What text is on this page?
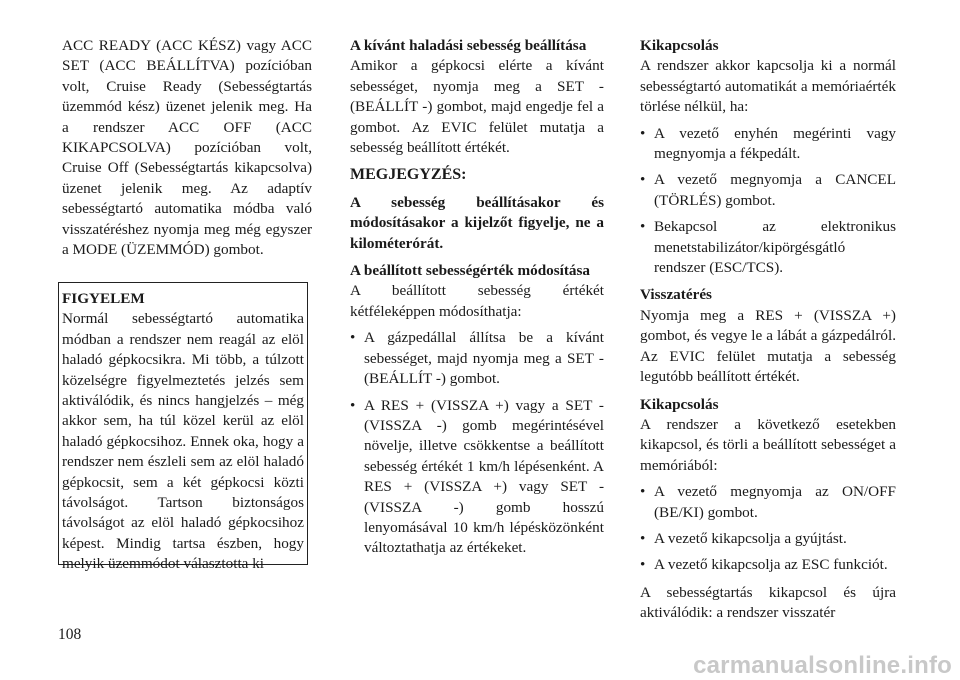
ACC READY (ACC KÉSZ) vagy ACC SET (ACC BEÁLLÍTVA) pozícióban volt, Cruise Ready (Sebességtartás üzemmód kész) üzenet jelenik meg. Ha a rendszer ACC OFF (ACC KIKAPCSOLVA) pozícióban volt, Cruise Off (Sebességtartás kikapcsolva) üzenet jelenik meg. Az adaptív sebességtartó automatika módba való visszatéréshez nyomja meg még egyszer a MODE (ÜZEMMÓD) gombot.

FIGYELEM

Normál sebességtartó automatika módban a rendszer nem reagál az elöl haladó gépkocsikra. Mi több, a túlzott közelségre figyelmeztetés jelzés sem aktiválódik, és nincs hangjelzés – még akkor sem, ha túl közel kerül az elöl haladó gépkocsihoz. Ennek oka, hogy a rendszer nem észleli sem az elöl haladó gépkocsit, sem a két gépkocsi közti távolságot. Tartson biztonságos távolságot az elöl haladó gépkocsihoz képest. Mindig tartsa észben, hogy melyik üzemmódot választotta ki

A kívánt haladási sebesség beállítása

Amikor a gépkocsi elérte a kívánt sebességet, nyomja meg a SET - (BEÁLLÍT -) gombot, majd engedje fel a gombot. Az EVIC felület mutatja a sebesség beállított értékét.

MEGJEGYZÉS:

A sebesség beállításakor és módosításakor a kijelzőt figyelje, ne a kilométerórát.

A beállított sebességérték módosítása

A beállított sebesség értékét kétféleképpen módosíthatja:

• A gázpedállal állítsa be a kívánt sebességet, majd nyomja meg a SET - (BEÁLLÍT -) gombot.
• A RES + (VISSZA +) vagy a SET - (VISSZA -) gomb megérintésével növelje, illetve csökkentse a beállított sebesség értékét 1 km/h lépésenként. A RES + (VISSZA +) vagy SET - (VISSZA -) gomb hosszú lenyomásával 10 km/h lépésközönként változtathatja az értékeket.
Kikapcsolás

A rendszer akkor kapcsolja ki a normál sebességtartó automatikát a memóriaérték törlése nélkül, ha:

• A vezető enyhén megérinti vagy megnyomja a fékpedált.
• A vezető megnyomja a CANCEL (TÖRLÉS) gombot.
• Bekapcsol az elektronikus menetstabilizátor/kipörgésgátló rendszer (ESC/TCS).
Visszatérés

Nyomja meg a RES + (VISSZA +) gombot, és vegye le a lábát a gázpedálról. Az EVIC felület mutatja a sebesség legutóbb beállított értékét.

Kikapcsolás

A rendszer a következő esetekben kikapcsol, és törli a beállított sebességet a memóriából:

• A vezető megnyomja az ON/OFF (BE/KI) gombot.
• A vezető kikapcsolja a gyújtást.
• A vezető kikapcsolja az ESC funkciót.

A sebességtartás kikapcsol és újra aktiválódik: a rendszer visszatér

108
carmanualsonline.info
